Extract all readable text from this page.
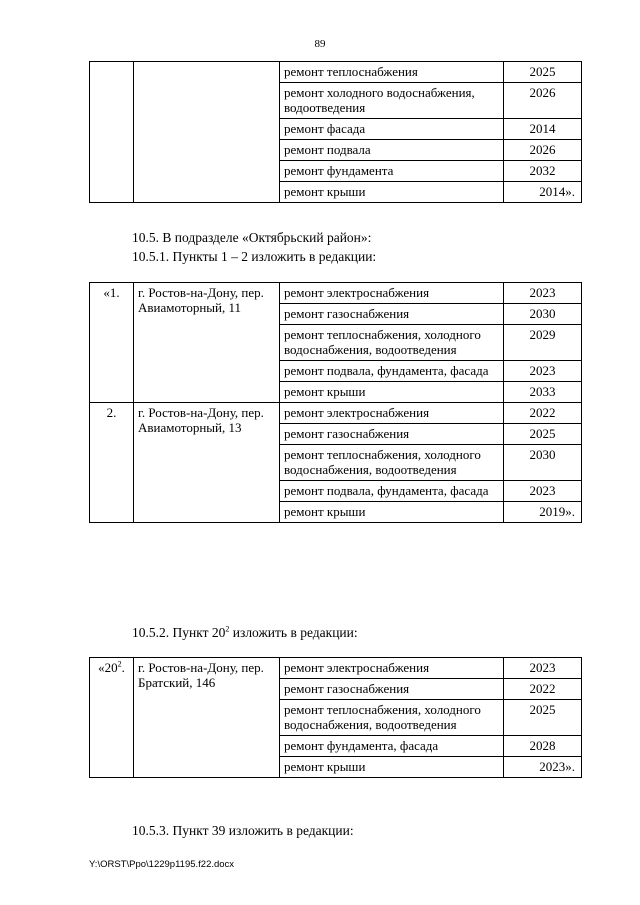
89
		ремонт теплоснабжения	2025
		ремонт холодного водоснабжения, водоотведения	2026
		ремонт фасада	2014
		ремонт подвала	2026
		ремонт фундамента	2032
		ремонт крыши	2014».
10.5. В подразделе «Октябрьский район»:
10.5.1. Пункты 1 – 2 изложить в редакции:
«1.	г. Ростов-на-Дону, пер. Авиамоторный, 11	ремонт электроснабжения	2023
		ремонт газоснабжения	2030
		ремонт теплоснабжения, холодного водоснабжения, водоотведения	2029
		ремонт подвала, фундамента, фасада	2023
		ремонт крыши	2033
2.	г. Ростов-на-Дону, пер. Авиамоторный, 13	ремонт электроснабжения	2022
		ремонт газоснабжения	2025
		ремонт теплоснабжения, холодного водоснабжения, водоотведения	2030
		ремонт подвала, фундамента, фасада	2023
		ремонт крыши	2019».
10.5.2. Пункт $20^2$ изложить в редакции:
«$20^2$.	г. Ростов-на-Дону, пер. Братский, 146	ремонт электроснабжения	2023
		ремонт газоснабжения	2022
		ремонт теплоснабжения, холодного водоснабжения, водоотведения	2025
		ремонт фундамента, фасада	2028
		ремонт крыши	2023».
10.5.3. Пункт 39 изложить в редакции:
Y:\ORST\Ppo\1229p1195.f22.docx
